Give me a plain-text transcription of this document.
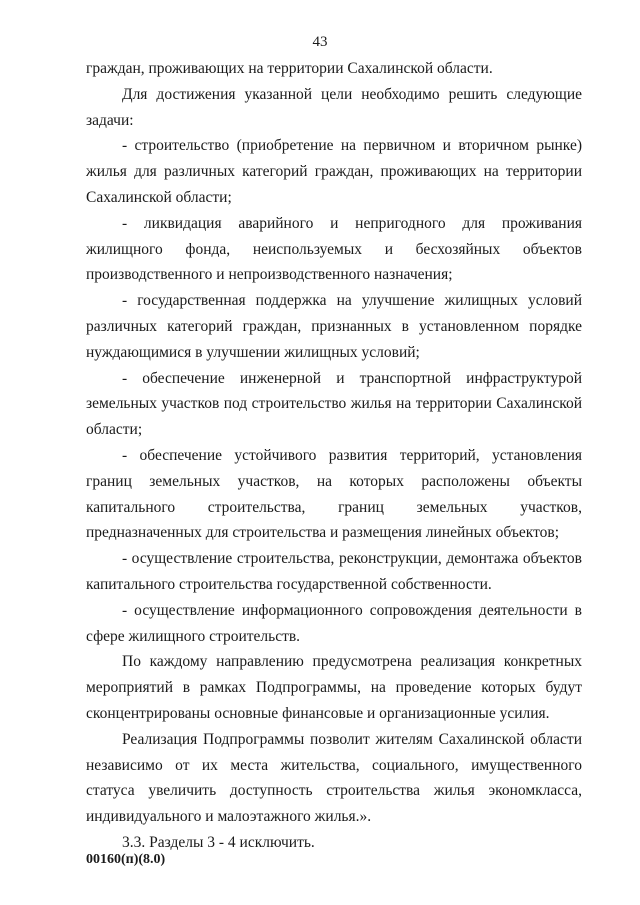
43

граждан, проживающих на территории Сахалинской области.

Для достижения указанной цели необходимо решить следующие задачи:

- строительство (приобретение на первичном и вторичном рынке) жилья для различных категорий граждан, проживающих на территории Сахалинской области;

- ликвидация аварийного и непригодного для проживания жилищного фонда, неиспользуемых и бесхозяйных объектов производственного и непроизводственного назначения;

- государственная поддержка на улучшение жилищных условий различных категорий граждан, признанных в установленном порядке нуждающимися в улучшении жилищных условий;

- обеспечение инженерной и транспортной инфраструктурой земельных участков под строительство жилья на территории Сахалинской области;

- обеспечение устойчивого развития территорий, установления границ земельных участков, на которых расположены объекты капитального строительства, границ земельных участков, предназначенных для строительства и размещения линейных объектов;

- осуществление строительства, реконструкции, демонтажа объектов капитального строительства государственной собственности.

- осуществление информационного сопровождения деятельности в сфере жилищного строительств.

По каждому направлению предусмотрена реализация конкретных мероприятий в рамках Подпрограммы, на проведение которых будут сконцентрированы основные финансовые и организационные усилия.

Реализация Подпрограммы позволит жителям Сахалинской области независимо от их места жительства, социального, имущественного статуса увеличить доступность строительства жилья экономкласса, индивидуального и малоэтажного жилья.».

3.3. Разделы 3 - 4 исключить.

00160(п)(8.0)
